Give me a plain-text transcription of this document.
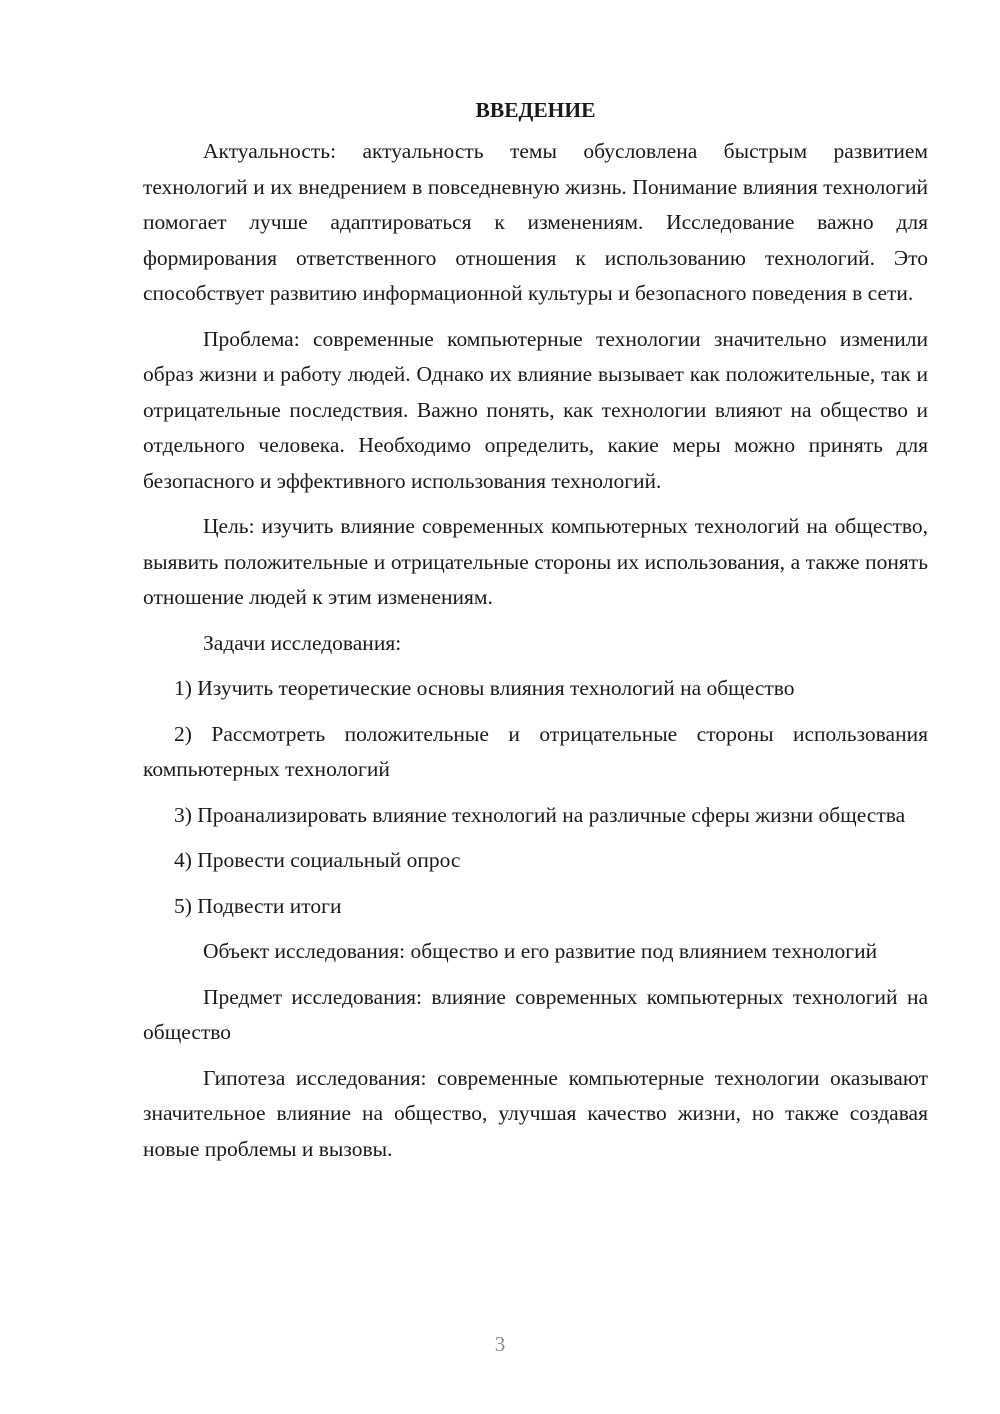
ВВЕДЕНИЕ

Актуальность: актуальность темы обусловлена быстрым развитием технологий и их внедрением в повседневную жизнь. Понимание влияния технологий помогает лучше адаптироваться к изменениям. Исследование важно для формирования ответственного отношения к использованию технологий. Это способствует развитию информационной культуры и безопасного поведения в сети.

Проблема: современные компьютерные технологии значительно изменили образ жизни и работу людей. Однако их влияние вызывает как положительные, так и отрицательные последствия. Важно понять, как технологии влияют на общество и отдельного человека. Необходимо определить, какие меры можно принять для безопасного и эффективного использования технологий.

Цель: изучить влияние современных компьютерных технологий на общество, выявить положительные и отрицательные стороны их использования, а также понять отношение людей к этим изменениям.

Задачи исследования:

1) Изучить теоретические основы влияния технологий на общество

2) Рассмотреть положительные и отрицательные стороны использования компьютерных технологий

3) Проанализировать влияние технологий на различные сферы жизни общества

4) Провести социальный опрос

5) Подвести итоги

Объект исследования: общество и его развитие под влиянием технологий

Предмет исследования: влияние современных компьютерных технологий на общество

Гипотеза исследования: современные компьютерные технологии оказывают значительное влияние на общество, улучшая качество жизни, но также создавая новые проблемы и вызовы.

3
